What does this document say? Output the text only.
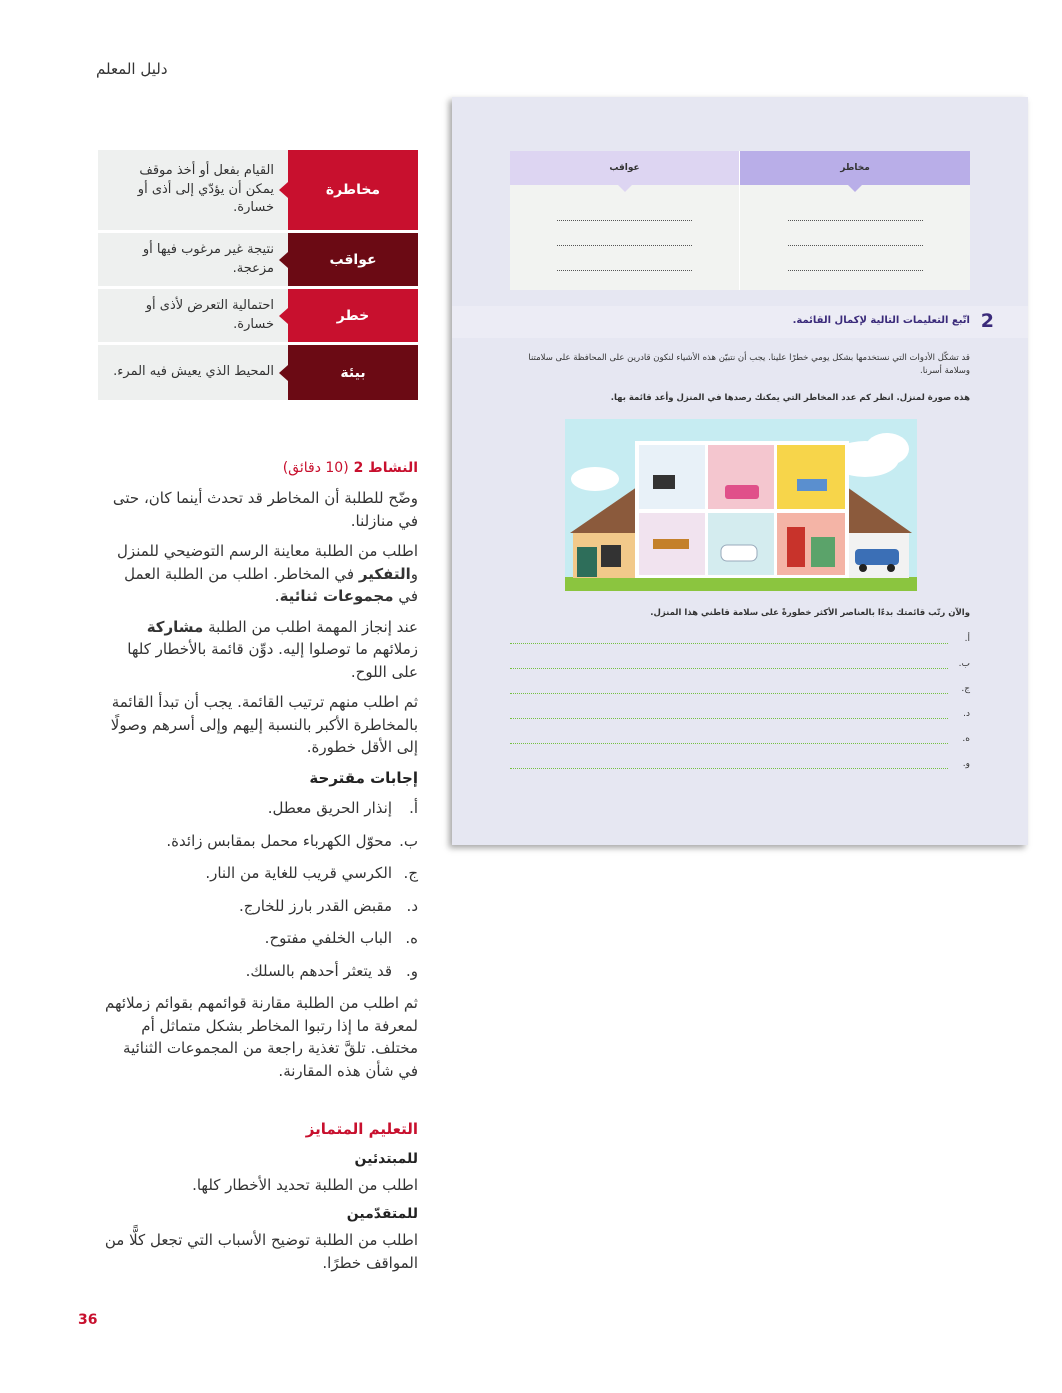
دليل المعلم
مخاطرة
القيام بفعل أو أخذ موقف يمكن أن يؤدّي إلى أذى أو خسارة.
عواقب
نتيجة غير مرغوب فيها أو مزعجة.
خطر
احتمالية التعرض لأذى أو خسارة.
بيئة
المحيط الذي يعيش فيه المرء.
النشاط 2 (10 دقائق)
وضّح للطلبة أن المخاطر قد تحدث أينما كان، حتى في منازلنا.
اطلب من الطلبة معاينة الرسم التوضيحي للمنزل والتفكير في المخاطر. اطلب من الطلبة العمل في مجموعات ثنائية.
عند إنجاز المهمة اطلب من الطلبة مشاركة زملائهم ما توصلوا إليه. دوِّن قائمة بالأخطار كلها على اللوح.
ثم اطلب منهم ترتيب القائمة. يجب أن تبدأ القائمة بالمخاطرة الأكبر بالنسبة إليهم وإلى أسرهم وصولًا إلى الأقل خطورة.
إجابات مقترحة
أ.
إنذار الحريق معطل.
ب.
محوّل الكهرباء محمل بمقابس زائدة.
ج.
الكرسي قريب للغاية من النار.
د.
مقبض القدر بارز للخارج.
ه.
الباب الخلفي مفتوح.
و.
قد يتعثر أحدهم بالسلك.
ثم اطلب من الطلبة مقارنة قوائمهم بقوائم زملائهم لمعرفة ما إذا رتبوا المخاطر بشكل متماثل أم مختلف. تلقَّ تغذية راجعة من المجموعات الثنائية في شأن هذه المقارنة.
التعليم المتمايز
للمبتدئين
اطلب من الطلبة تحديد الأخطار كلها.
للمتقدّمين
اطلب من الطلبة توضيح الأسباب التي تجعل كلًّا من المواقف خطرًا.
36
مخاطر
عواقب
2
اتّبع التعليمات التالية لإكمال القائمة.
قد تشكّل الأدوات التي نستخدمها بشكل يومي خطرًا علينا. يجب أن نتبيّن هذه الأشياء لنكون قادرين على المحافظة على سلامتنا وسلامة أسرنا.
هذه صورة لمنزل. انظر كم عدد المخاطر التي يمكنك رصدها في المنزل وأعد قائمة بها.
والآن رتّب قائمتك بدءًا بالعناصر الأكثر خطورةً على سلامة قاطني هذا المنزل.
أ.
ب.
ج.
د.
ه.
و.
